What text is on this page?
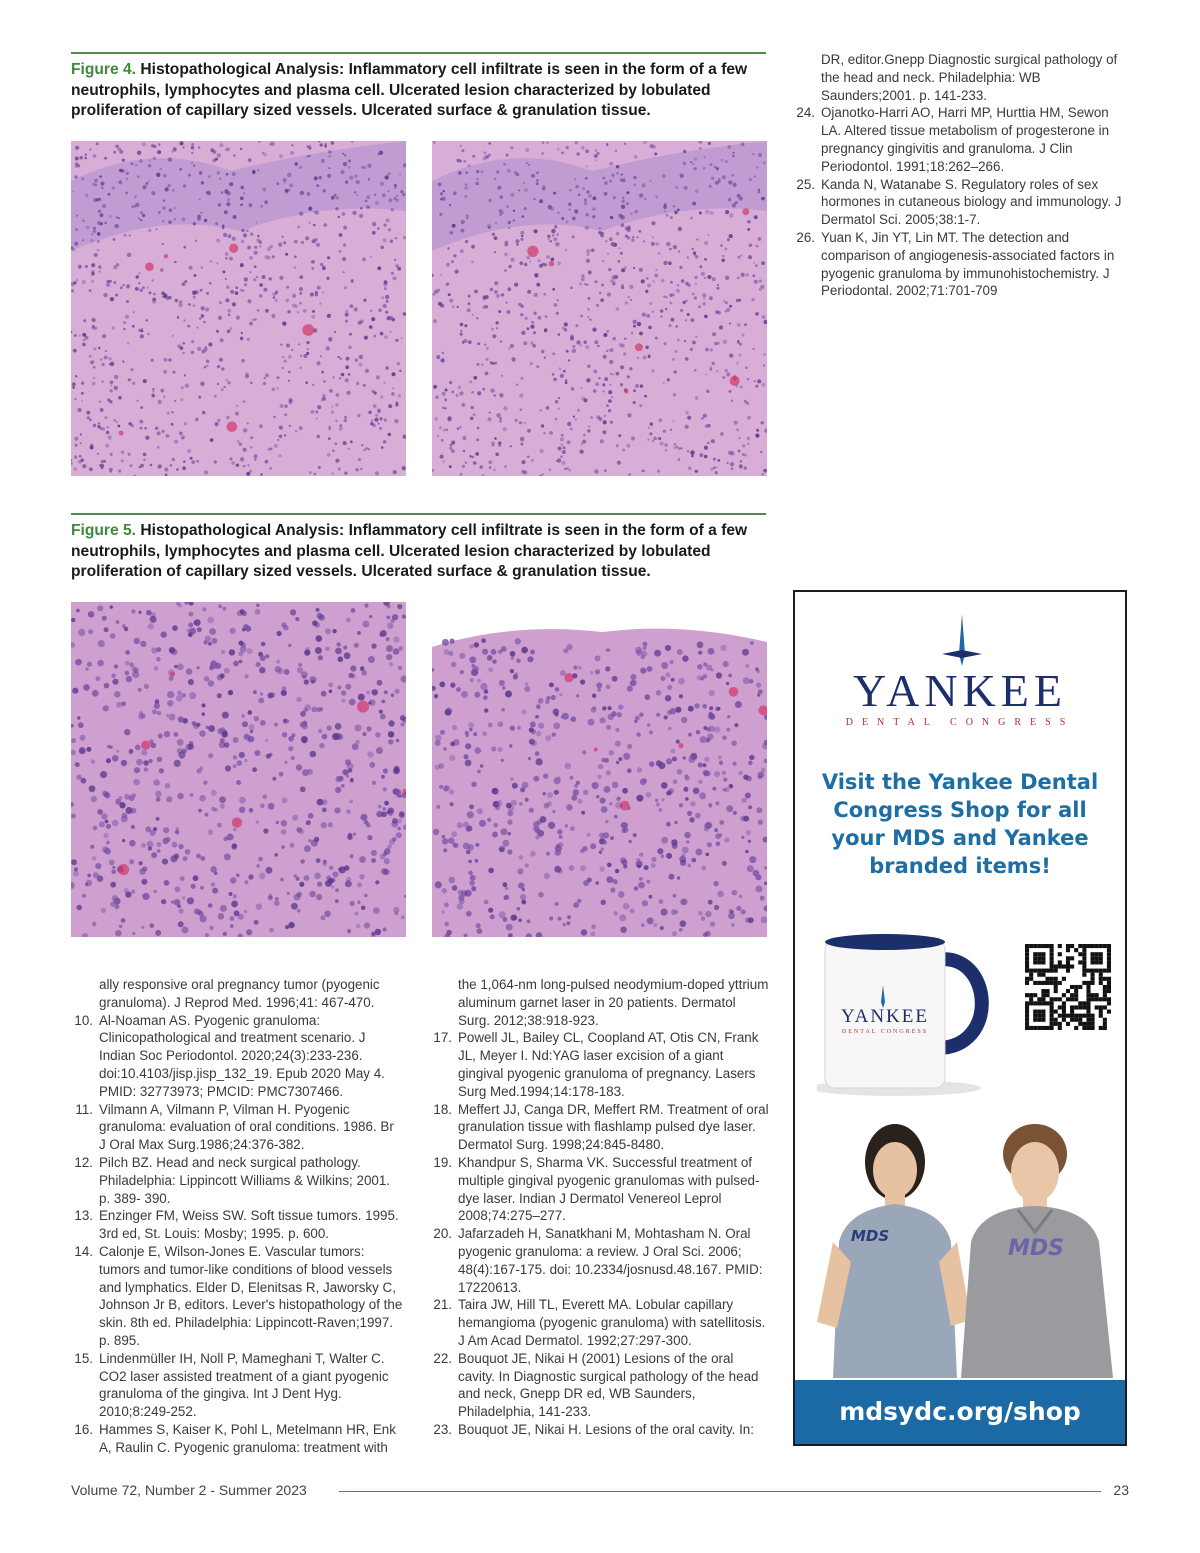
Figure 4. Histopathological Analysis: Inflammatory cell infiltrate is seen in the form of a few neutrophils, lymphocytes and plasma cell. Ulcerated lesion characterized by lobulated proliferation of capillary sized vessels. Ulcerated surface & granulation tissue.

Figure 5. Histopathological Analysis: Inflammatory cell infiltrate is seen in the form of a few neutrophils, lymphocytes and plasma cell. Ulcerated lesion characterized by lobulated proliferation of capillary sized vessels. Ulcerated surface & granulation tissue.

ally responsive oral pregnancy tumor (pyogenic granuloma). J Reprod Med. 1996;41: 467-470.
10. Al-Noaman AS. Pyogenic granuloma: Clinicopathological and treatment scenario. J Indian Soc Periodontol. 2020;24(3):233-236. doi:10.4103/jisp.jisp_132_19. Epub 2020 May 4. PMID: 32773973; PMCID: PMC7307466.
11. Vilmann A, Vilmann P, Vilman H. Pyogenic granuloma: evaluation of oral conditions. 1986. Br J Oral Max Surg.1986;24:376-382.
12. Pilch BZ. Head and neck surgical pathology. Philadelphia: Lippincott Williams & Wilkins; 2001. p. 389- 390.
13. Enzinger FM, Weiss SW. Soft tissue tumors. 1995. 3rd ed, St. Louis: Mosby; 1995. p. 600.
14. Calonje E, Wilson-Jones E. Vascular tumors: tumors and tumor-like conditions of blood vessels and lymphatics. Elder D, Elenitsas R, Jaworsky C, Johnson Jr B, editors. Lever's histopathology of the skin. 8th ed. Philadelphia: Lippincott-Raven;1997. p. 895.
15. Lindenmüller IH, Noll P, Mameghani T, Walter C. CO2 laser assisted treatment of a giant pyogenic granuloma of the gingiva. Int J Dent Hyg. 2010;8:249-252.
16. Hammes S, Kaiser K, Pohl L, Metelmann HR, Enk A, Raulin C. Pyogenic granuloma: treatment with
the 1,064-nm long-pulsed neodymium-doped yttrium aluminum garnet laser in 20 patients. Dermatol Surg. 2012;38:918-923.
17. Powell JL, Bailey CL, Coopland AT, Otis CN, Frank JL, Meyer I. Nd:YAG laser excision of a giant gingival pyogenic granuloma of pregnancy. Lasers Surg Med.1994;14:178-183.
18. Meffert JJ, Canga DR, Meffert RM. Treatment of oral granulation tissue with flashlamp pulsed dye laser. Dermatol Surg. 1998;24:845-8480.
19. Khandpur S, Sharma VK. Successful treatment of multiple gingival pyogenic granulomas with pulsed-dye laser. Indian J Dermatol Venereol Leprol 2008;74:275–277.
20. Jafarzadeh H, Sanatkhani M, Mohtasham N. Oral pyogenic granuloma: a review. J Oral Sci. 2006; 48(4):167-175. doi: 10.2334/josnusd.48.167. PMID: 17220613.
21. Taira JW, Hill TL, Everett MA. Lobular capillary hemangioma (pyogenic granuloma) with satellitosis. J Am Acad Dermatol. 1992;27:297-300.
22. Bouquot JE, Nikai H (2001) Lesions of the oral cavity. In Diagnostic surgical pathology of the head and neck, Gnepp DR ed, WB Saunders, Philadelphia, 141-233.
23. Bouquot JE, Nikai H. Lesions of the oral cavity. In:
DR, editor.Gnepp Diagnostic surgical pathology of the head and neck. Philadelphia: WB Saunders;2001. p. 141-233.
24. Ojanotko-Harri AO, Harri MP, Hurttia HM, Sewon LA. Altered tissue metabolism of progesterone in pregnancy gingivitis and granuloma. J Clin Periodontol. 1991;18:262–266.
25. Kanda N, Watanabe S. Regulatory roles of sex hormones in cutaneous biology and immunology. J Dermatol Sci. 2005;38:1-7.
26. Yuan K, Jin YT, Lin MT. The detection and comparison of angiogenesis-associated factors in pyogenic granuloma by immunohistochemistry. J Periodontal. 2002;71:701-709
YANKEE
DENTAL CONGRESS
Visit the Yankee Dental Congress Shop for all your MDS and Yankee branded items!
YANKEE
DENTAL CONGRESS
MDS	MDS
mdsydc.org/shop
Volume 72, Number 2 - Summer 2023	23
